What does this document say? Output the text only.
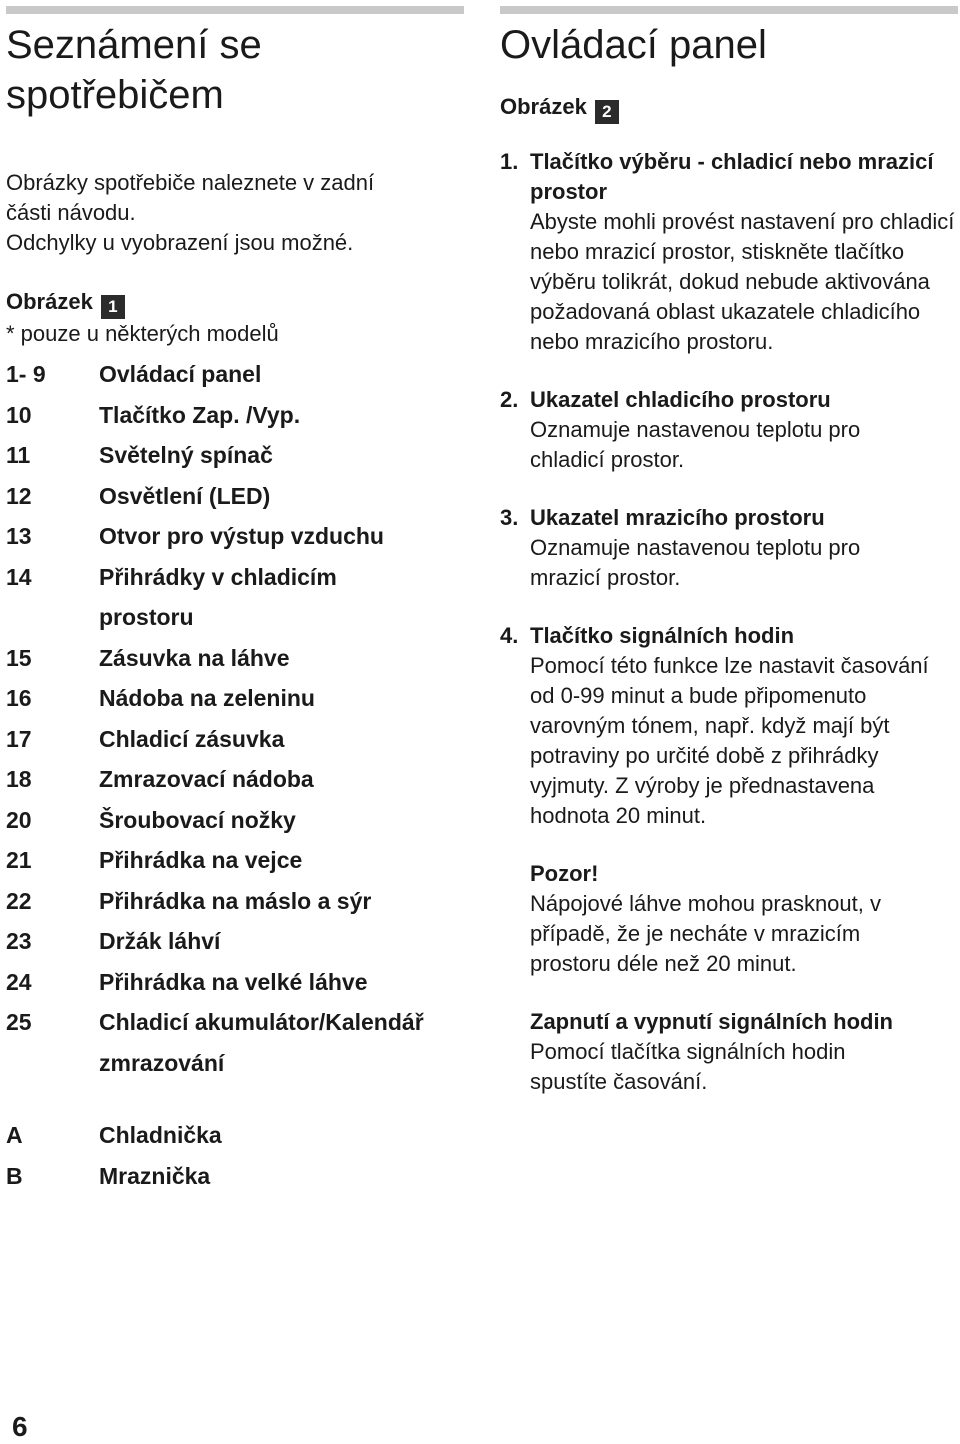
Seznámení se spotřebičem

Obrázky spotřebiče naleznete v zadní

části návodu.

Odchylky u vyobrazení jsou možné.

Obrázek 1

* pouze u některých modelů

1- 9	Ovládací panel
10	Tlačítko Zap. /Vyp.
11	Světelný spínač
12	Osvětlení (LED)
13	Otvor pro výstup vzduchu
14	Přihrádky v chladicím prostoru
15	Zásuvka na láhve
16	Nádoba na zeleninu
17	Chladicí zásuvka
18	Zmrazovací nádoba
20	Šroubovací nožky
21	Přihrádka na vejce
22	Přihrádka na máslo a sýr
23	Držák láhví
24	Přihrádka na velké láhve
25	Chladicí akumulátor/Kalendář zmrazování
A	Chladnička
B	Mraznička
6
Ovládací panel

Obrázek 2

1. Tlačítko výběru - chladicí nebo mrazicí prostor

Abyste mohli provést nastavení pro chladicí nebo mrazicí prostor, stiskněte tlačítko výběru tolikrát, dokud nebude aktivována požadovaná oblast ukazatele chladicího nebo mrazicího prostoru.

2. Ukazatel chladicího prostoru

Oznamuje nastavenou teplotu pro chladicí prostor.

3. Ukazatel mrazicího prostoru

Oznamuje nastavenou teplotu pro mrazicí prostor.

4. Tlačítko signálních hodin

Pomocí této funkce lze nastavit časování od 0-99 minut a bude připomenuto varovným tónem, např. když mají být potraviny po určité době z přihrádky vyjmuty. Z výroby je přednastavena hodnota 20 minut.

Pozor!

Nápojové láhve mohou prasknout, v případě, že je necháte v mrazicím prostoru déle než 20 minut.

Zapnutí a vypnutí signálních hodin

Pomocí tlačítka signálních hodin spustíte časování.
